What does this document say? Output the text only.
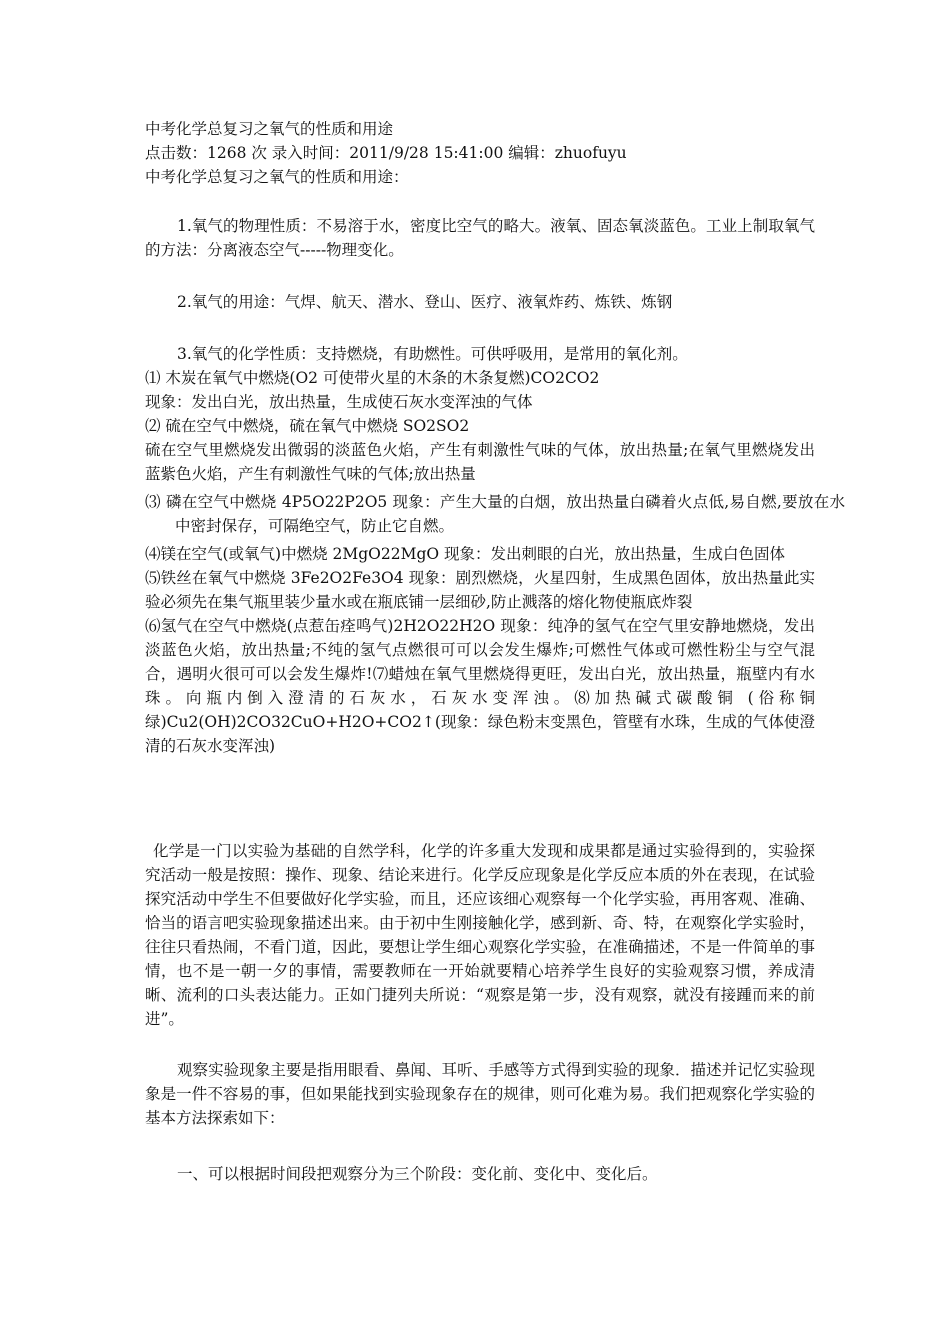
中考化学总复习之氧气的性质和用途

点击数：1268 次 录入时间：2011/9/28 15:41:00 编辑：zhuofuyu

中考化学总复习之氧气的性质和用途：

1.氧气的物理性质：不易溶于水，密度比空气的略大。液氧、固态氧淡蓝色。工业上制取氧气的方法：分离液态空气-----物理变化。

2.氧气的用途：气焊、航天、潜水、登山、医疗、液氧炸药、炼铁、炼钢

3.氧气的化学性质：支持燃烧，有助燃性。可供呼吸用，是常用的氧化剂。

⑴ 木炭在氧气中燃烧(O2 可使带火星的木条的木条复燃)CO2CO2

现象：发出白光，放出热量，生成使石灰水变浑浊的气体

⑵ 硫在空气中燃烧，硫在氧气中燃烧 SO2SO2

硫在空气里燃烧发出微弱的淡蓝色火焰，产生有刺激性气味的气体，放出热量;在氧气里燃烧发出蓝紫色火焰，产生有刺激性气味的气体;放出热量

⑶ 磷在空气中燃烧 4P5O22P2O5 现象：产生大量的白烟，放出热量白磷着火点低,易自燃,要放在水中密封保存，可隔绝空气，防止它自燃。

⑷镁在空气(或氧气)中燃烧 2MgO22MgO 现象：发出刺眼的白光，放出热量，生成白色固体

⑸铁丝在氧气中燃烧 3Fe2O2Fe3O4 现象：剧烈燃烧，火星四射，生成黑色固体，放出热量此实验必须先在集气瓶里装少量水或在瓶底铺一层细砂,防止溅落的熔化物使瓶底炸裂

⑹氢气在空气中燃烧(点惹缶痊鸣气)2H2O22H2O 现象：纯净的氢气在空气里安静地燃烧，发出淡蓝色火焰，放出热量;不纯的氢气点燃很可可以会发生爆炸;可燃性气体或可燃性粉尘与空气混合，遇明火很可可以会发生爆炸!⑺蜡烛在氧气里燃烧得更旺，发出白光，放出热量，瓶壁内有水珠。向瓶内倒入澄清的石灰水，石灰水变浑浊。⑻加热碱式碳酸铜 (俗称铜绿)Cu2(OH)2CO32CuO+H2O+CO2↑(现象：绿色粉末变黑色，管壁有水珠，生成的气体使澄清的石灰水变浑浊)

化学是一门以实验为基础的自然学科，化学的许多重大发现和成果都是通过实验得到的，实验探究活动一般是按照：操作、现象、结论来进行。化学反应现象是化学反应本质的外在表现，在试验探究活动中学生不但要做好化学实验，而且，还应该细心观察每一个化学实验，再用客观、准确、恰当的语言吧实验现象描述出来。由于初中生刚接触化学，感到新、奇、特，在观察化学实验时，往往只看热闹，不看门道，因此，要想让学生细心观察化学实验，在准确描述，不是一件简单的事情，也不是一朝一夕的事情，需要教师在一开始就要精心培养学生良好的实验观察习惯，养成清晰、流利的口头表达能力。正如门捷列夫所说：“观察是第一步，没有观察，就没有接踵而来的前进”。

观察实验现象主要是指用眼看、鼻闻、耳听、手感等方式得到实验的现象．描述并记忆实验现象是一件不容易的事，但如果能找到实验现象存在的规律，则可化难为易。我们把观察化学实验的基本方法探索如下：

一、可以根据时间段把观察分为三个阶段：变化前、变化中、变化后。
